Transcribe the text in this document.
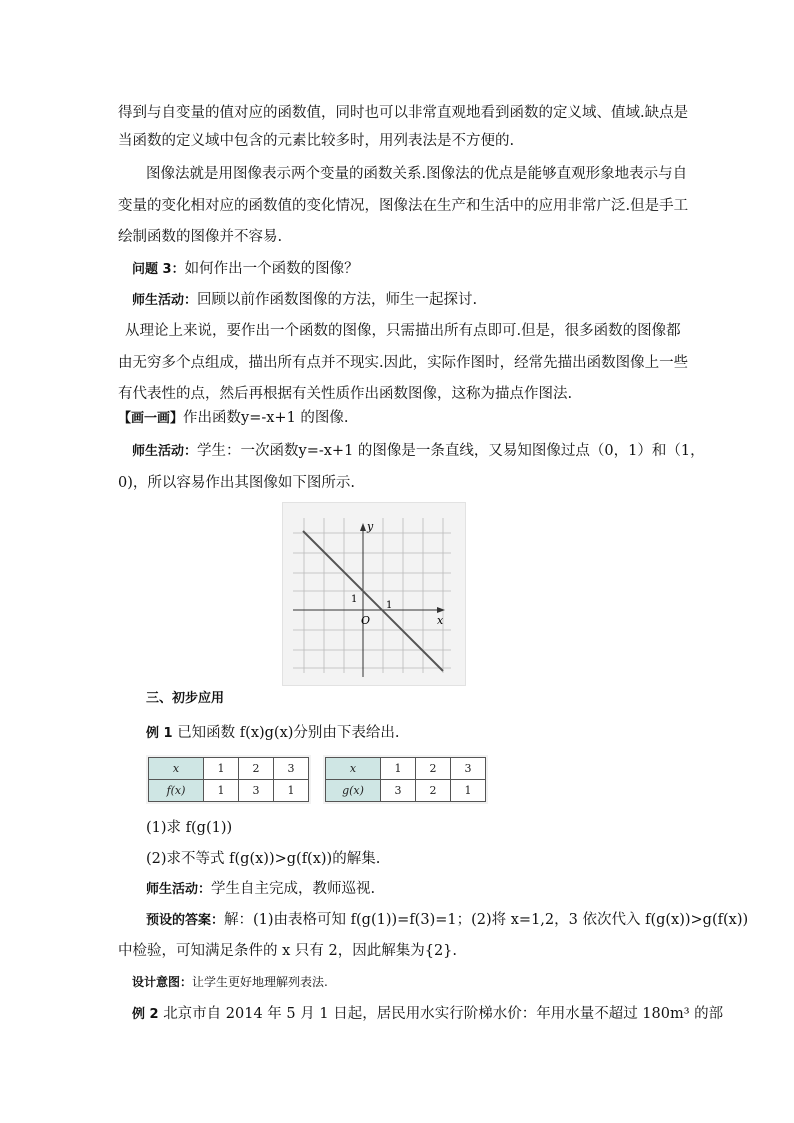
得到与自变量的值对应的函数值，同时也可以非常直观地看到函数的定义域、值域.缺点是
当函数的定义域中包含的元素比较多时，用列表法是不方便的.
图像法就是用图像表示两个变量的函数关系.图像法的优点是能够直观形象地表示与自
变量的变化相对应的函数值的变化情况，图像法在生产和生活中的应用非常广泛.但是手工
绘制函数的图像并不容易.
问题 3：如何作出一个函数的图像？
师生活动：回顾以前作函数图像的方法，师生一起探讨.
从理论上来说，要作出一个函数的图像，只需描出所有点即可.但是，很多函数的图像都
由无穷多个点组成，描出所有点并不现实.因此，实际作图时，经常先描出函数图像上一些
有代表性的点，然后再根据有关性质作出函数图像，这称为描点作图法.
【画一画】作出函数y=-x+1 的图像.
师生活动：学生：一次函数y=-x+1 的图像是一条直线，又易知图像过点（0，1）和（1，
0)，所以容易作出其图像如下图所示.
y
x
O
1
1
三、初步应用
例 1 已知函数 f(x)g(x)分别由下表给出.
x	1	2	3
f(x)	1	3	1
x	1	2	3
g(x)	3	2	1
(1)求 f(g(1))
(2)求不等式 f(g(x))>g(f(x))的解集.
师生活动：学生自主完成，教师巡视.
预设的答案：解：(1)由表格可知 f(g(1))=f(3)=1；(2)将 x=1,2，3 依次代入 f(g(x))>g(f(x))
中检验，可知满足条件的 x 只有 2，因此解集为{2}.
设计意图：让学生更好地理解列表法.
例 2 北京市自 2014 年 5 月 1 日起，居民用水实行阶梯水价：年用水量不超过 180m³ 的部
